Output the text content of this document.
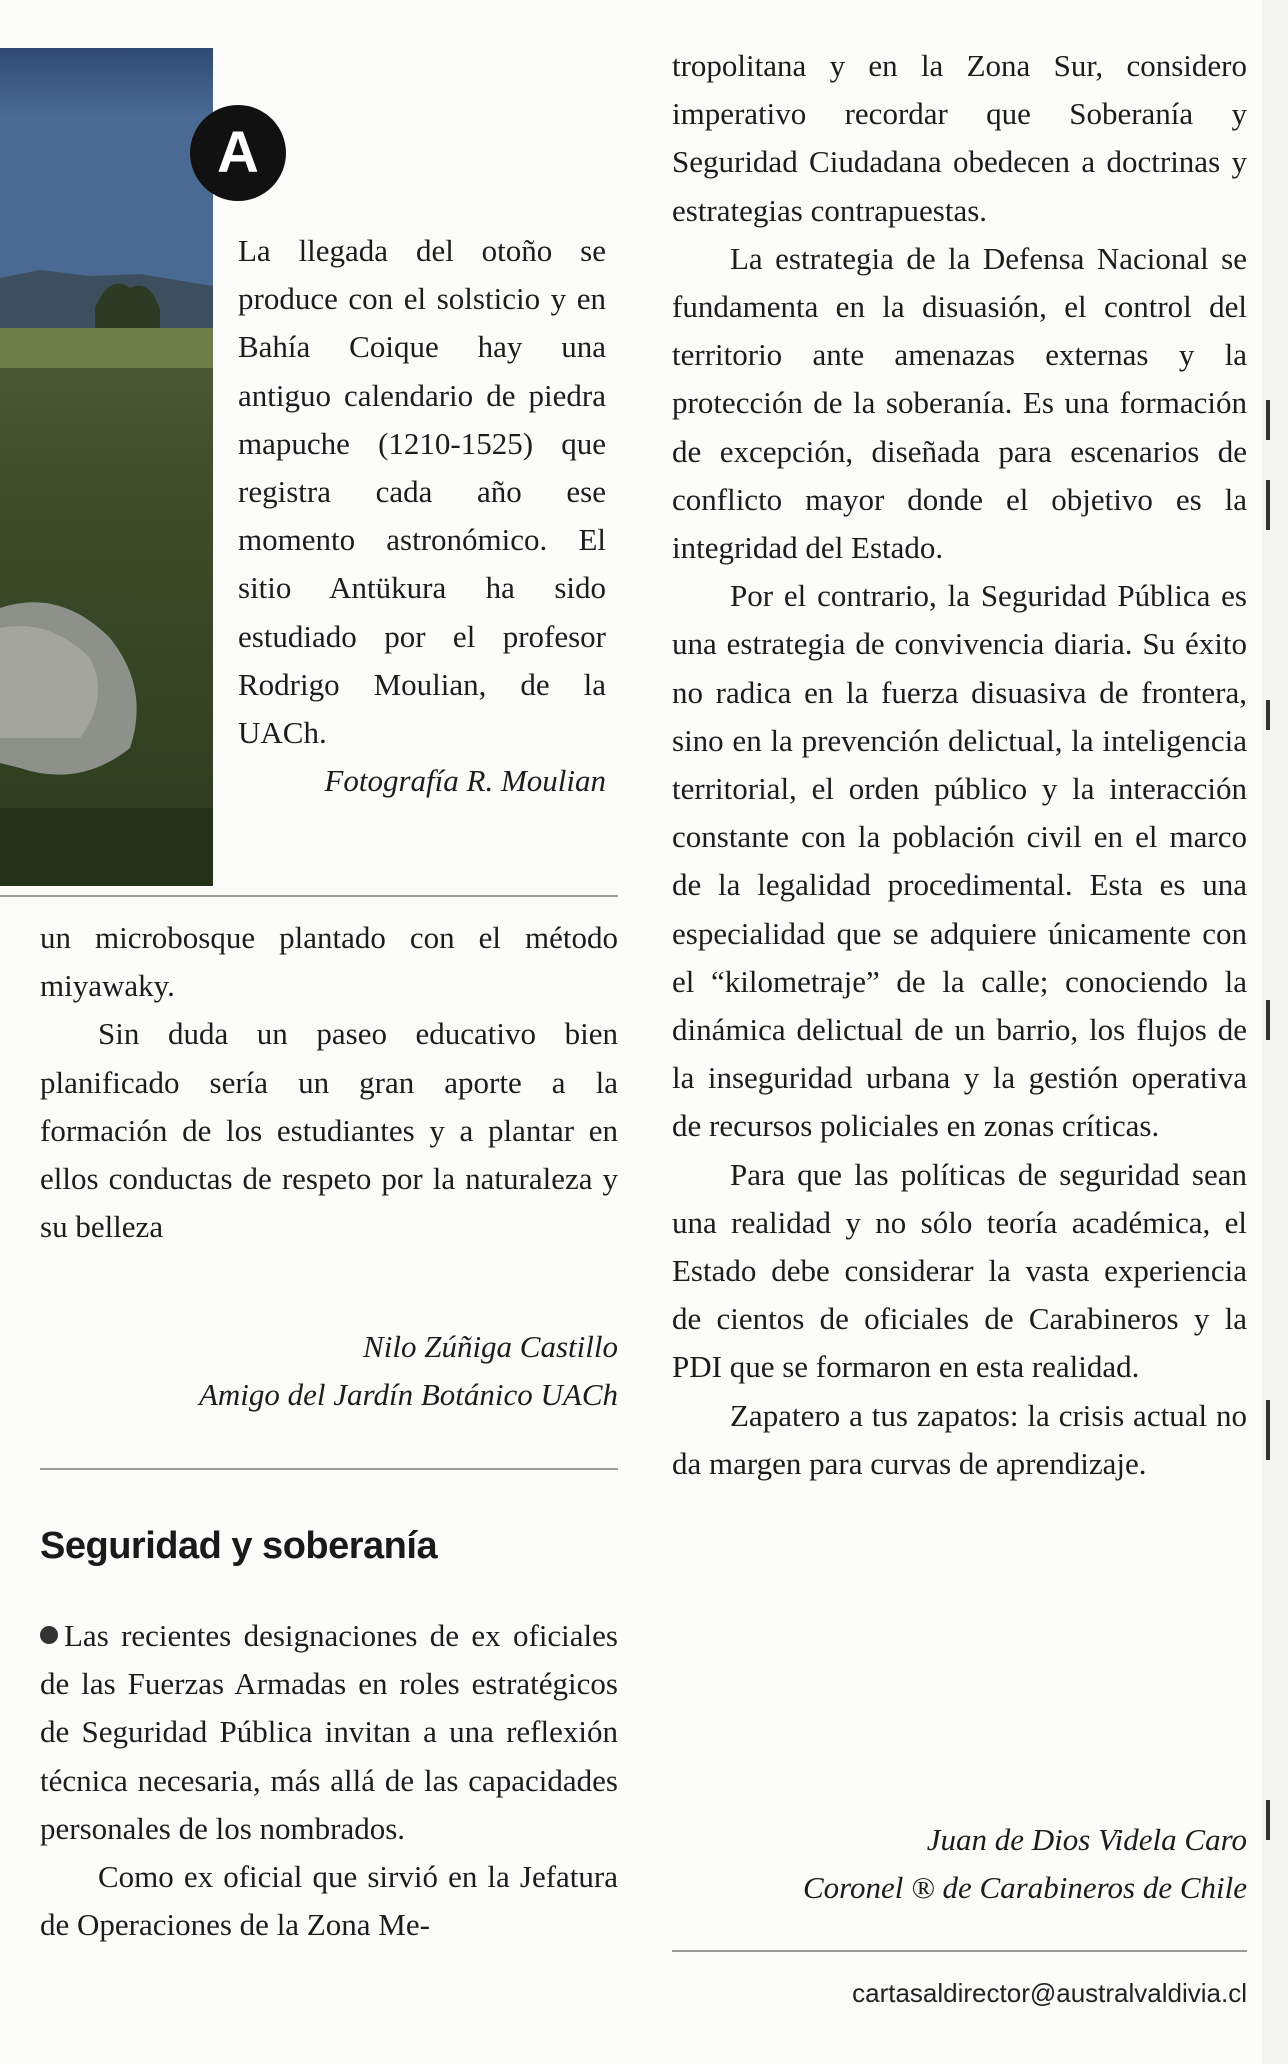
A

La llegada del otoño se produce con el solsticio y en Bahía Coique hay una antiguo calendario de piedra mapuche (1210-1525) que registra cada año ese momento astronómico. El sitio Antükura ha sido estudiado por el profesor Rodrigo Moulian, de la UACh.

Fotografía R. Moulian

un microbosque plantado con el método miyawaky.

Sin duda un paseo educativo bien planificado sería un gran aporte a la formación de los estudiantes y a plantar en ellos conductas de respeto por la naturaleza y su belleza

Nilo Zúñiga Castillo
Amigo del Jardín Botánico UACh
Seguridad y soberanía

Las recientes designaciones de ex oficiales de las Fuerzas Armadas en roles estratégicos de Seguridad Pública invitan a una reflexión técnica necesaria, más allá de las capacidades personales de los nombrados.

Como ex oficial que sirvió en la Jefatura de Operaciones de la Zona Me-

tropolitana y en la Zona Sur, considero imperativo recordar que Soberanía y Seguridad Ciudadana obedecen a doctrinas y estrategias contrapuestas.

La estrategia de la Defensa Nacional se fundamenta en la disuasión, el control del territorio ante amenazas externas y la protección de la soberanía. Es una formación de excepción, diseñada para escenarios de conflicto mayor donde el objetivo es la integridad del Estado.

Por el contrario, la Seguridad Pública es una estrategia de convivencia diaria. Su éxito no radica en la fuerza disuasiva de frontera, sino en la prevención delictual, la inteligencia territorial, el orden público y la interacción constante con la población civil en el marco de la legalidad procedimental. Esta es una especialidad que se adquiere únicamente con el “kilometraje” de la calle; conociendo la dinámica delictual de un barrio, los flujos de la inseguridad urbana y la gestión operativa de recursos policiales en zonas críticas.

Para que las políticas de seguridad sean una realidad y no sólo teoría académica, el Estado debe considerar la vasta experiencia de cientos de oficiales de Carabineros y la PDI que se formaron en esta realidad.

Zapatero a tus zapatos: la crisis actual no da margen para curvas de aprendizaje.

Juan de Dios Videla Caro
Coronel ® de Carabineros de Chile
cartasaldirector@australvaldivia.cl
